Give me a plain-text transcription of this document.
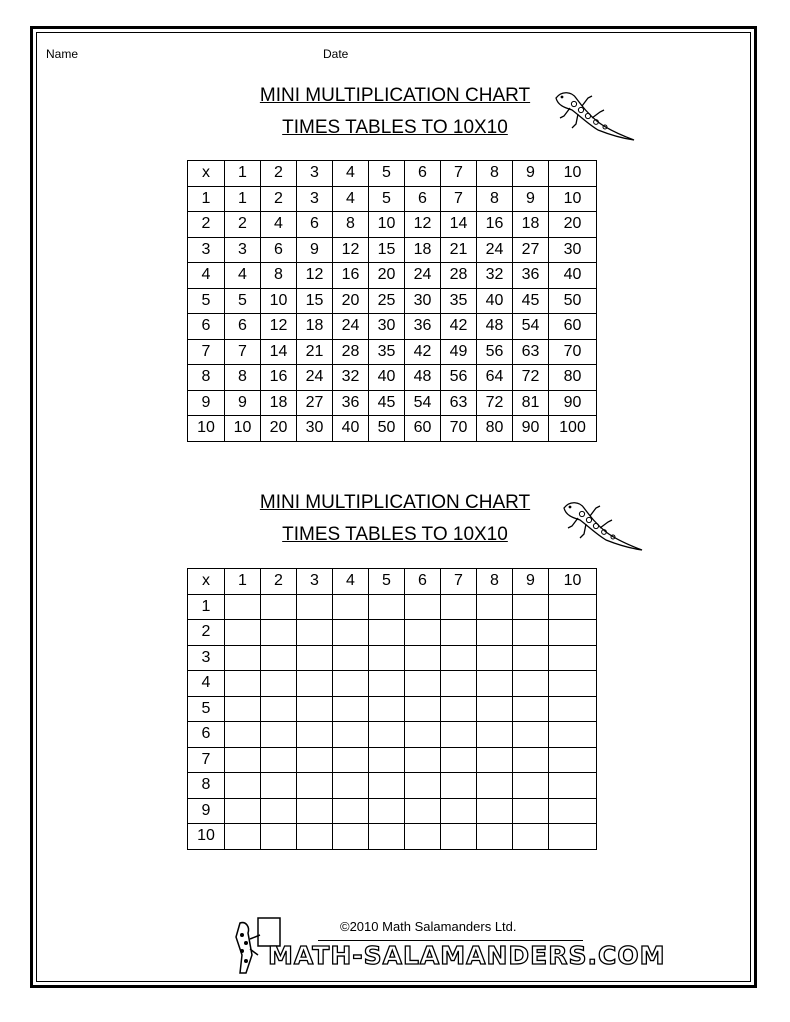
Name	Date
MINI MULTIPLICATION CHART
TIMES TABLES TO 10X10
x	1	2	3	4	5	6	7	8	9	10
1	1	2	3	4	5	6	7	8	9	10
2	2	4	6	8	10	12	14	16	18	20
3	3	6	9	12	15	18	21	24	27	30
4	4	8	12	16	20	24	28	32	36	40
5	5	10	15	20	25	30	35	40	45	50
6	6	12	18	24	30	36	42	48	54	60
7	7	14	21	28	35	42	49	56	63	70
8	8	16	24	32	40	48	56	64	72	80
9	9	18	27	36	45	54	63	72	81	90
10	10	20	30	40	50	60	70	80	90	100
MINI MULTIPLICATION CHART
TIMES TABLES TO 10X10
x	1	2	3	4	5	6	7	8	9	10
1										
2										
3										
4										
5										
6										
7										
8										
9										
10										
©2010 Math Salamanders Ltd.
MATH-SALAMANDERS.COM
